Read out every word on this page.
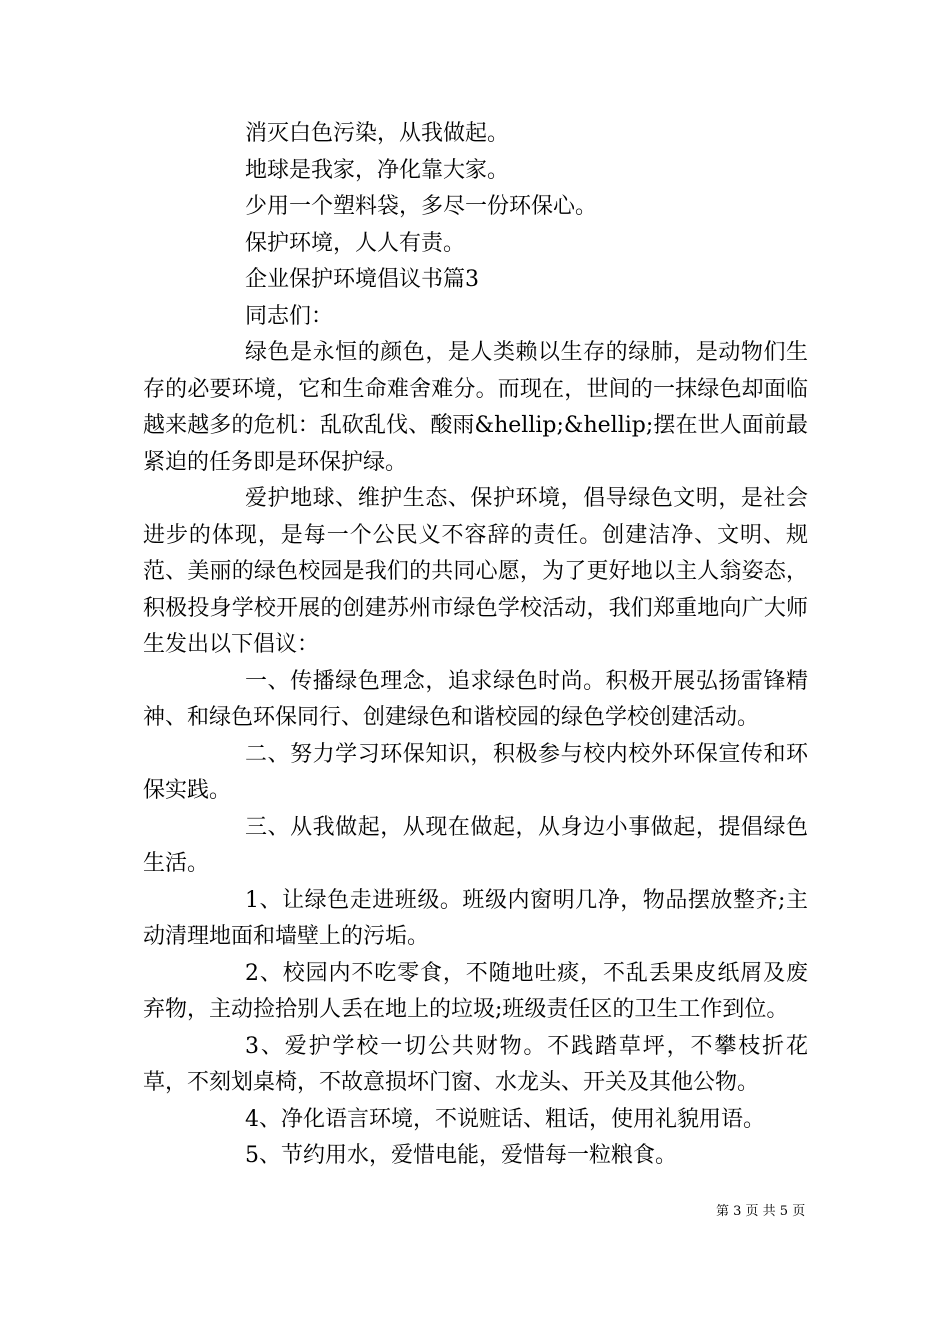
消灭白色污染，从我做起。
地球是我家，净化靠大家。
少用一个塑料袋，多尽一份环保心。
保护环境，人人有责。
企业保护环境倡议书篇3
同志们：

绿色是永恒的颜色，是人类赖以生存的绿肺，是动物们生存的必要环境，它和生命难舍难分。而现在，世间的一抹绿色却面临越来越多的危机：乱砍乱伐、酸雨&hellip;&hellip;摆在世人面前最紧迫的任务即是环保护绿。

爱护地球、维护生态、保护环境，倡导绿色文明，是社会进步的体现，是每一个公民义不容辞的责任。创建洁净、文明、规范、美丽的绿色校园是我们的共同心愿，为了更好地以主人翁姿态，积极投身学校开展的创建苏州市绿色学校活动，我们郑重地向广大师生发出以下倡议：

一、传播绿色理念，追求绿色时尚。积极开展弘扬雷锋精神、和绿色环保同行、创建绿色和谐校园的绿色学校创建活动。

二、努力学习环保知识，积极参与校内校外环保宣传和环保实践。

三、从我做起，从现在做起，从身边小事做起，提倡绿色生活。

1、让绿色走进班级。班级内窗明几净，物品摆放整齐;主动清理地面和墙壁上的污垢。

2、校园内不吃零食，不随地吐痰，不乱丢果皮纸屑及废弃物，主动捡拾别人丢在地上的垃圾;班级责任区的卫生工作到位。

3、爱护学校一切公共财物。不践踏草坪，不攀枝折花草，不刻划桌椅，不故意损坏门窗、水龙头、开关及其他公物。

4、净化语言环境，不说赃话、粗话，使用礼貌用语。

5、节约用水，爱惜电能，爱惜每一粒粮食。

第 3 页 共 5 页
